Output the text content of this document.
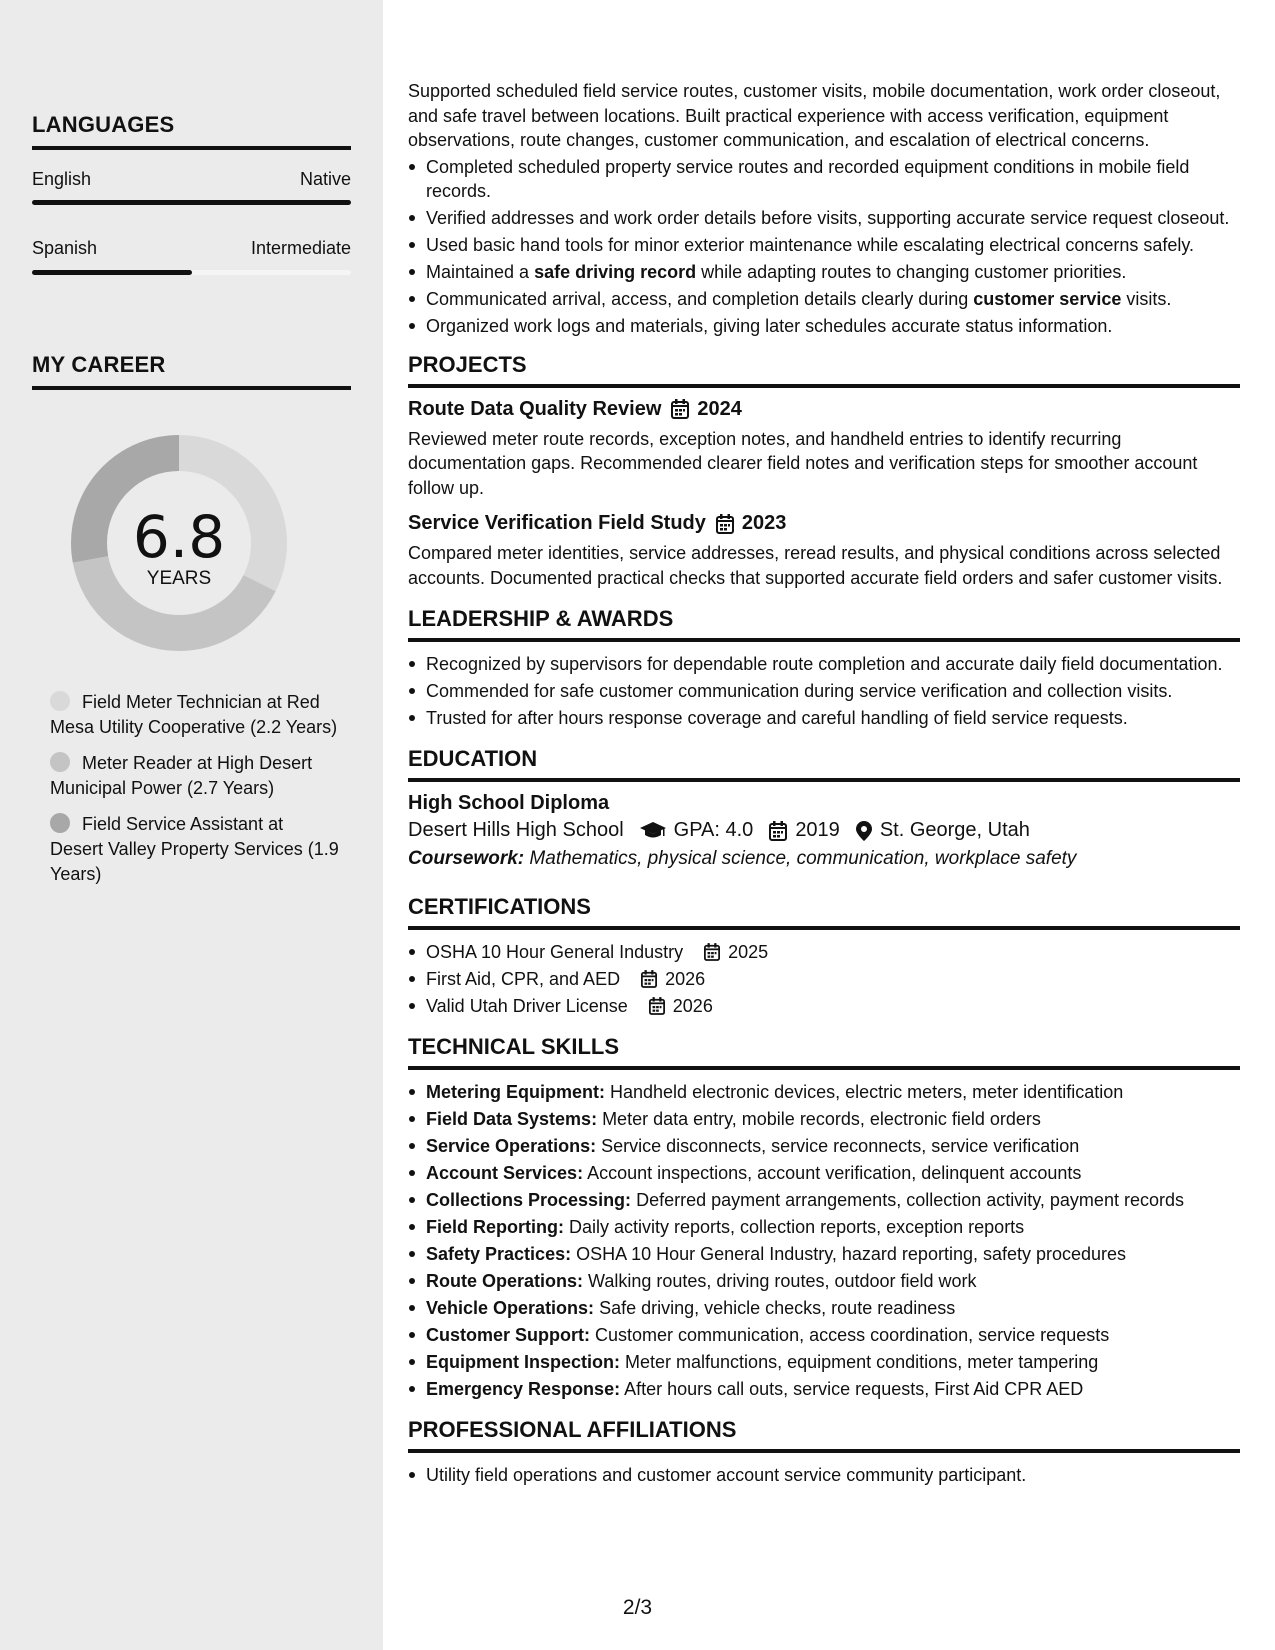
LANGUAGES
English	Native
Spanish	Intermediate
MY CAREER
6.8
YEARS
Field Meter Technician at Red Mesa Utility Cooperative (2.2 Years)
Meter Reader at High Desert Municipal Power (2.7 Years)
Field Service Assistant at Desert Valley Property Services (1.9 Years)

Supported scheduled field service routes, customer visits, mobile documentation, work order closeout, and safe travel between locations. Built practical experience with access verification, equipment observations, route changes, customer communication, and escalation of electrical concerns.

Completed scheduled property service routes and recorded equipment conditions in mobile field records.
Verified addresses and work order details before visits, supporting accurate service request closeout.
Used basic hand tools for minor exterior maintenance while escalating electrical concerns safely.
Maintained a safe driving record while adapting routes to changing customer priorities.
Communicated arrival, access, and completion details clearly during customer service visits.
Organized work logs and materials, giving later schedules accurate status information.
PROJECTS
Route Data Quality Review 2024

Reviewed meter route records, exception notes, and handheld entries to identify recurring documentation gaps. Recommended clearer field notes and verification steps for smoother account follow up.

Service Verification Field Study 2023

Compared meter identities, service addresses, reread results, and physical conditions across selected accounts. Documented practical checks that supported accurate field orders and safer customer visits.

LEADERSHIP & AWARDS
Recognized by supervisors for dependable route completion and accurate daily field documentation.
Commended for safe customer communication during service verification and collection visits.
Trusted for after hours response coverage and careful handling of field service requests.
EDUCATION
High School Diploma
Desert Hills High School	GPA: 4.0 2019 St. George, Utah
Coursework: Mathematics, physical science, communication, workplace safety
CERTIFICATIONS
OSHA 10 Hour General Industry
	2025
First Aid, CPR, and AED
	2026
Valid Utah Driver License
	2026
TECHNICAL SKILLS
Metering Equipment: Handheld electronic devices, electric meters, meter identification
Field Data Systems: Meter data entry, mobile records, electronic field orders
Service Operations: Service disconnects, service reconnects, service verification
Account Services: Account inspections, account verification, delinquent accounts
Collections Processing: Deferred payment arrangements, collection activity, payment records
Field Reporting: Daily activity reports, collection reports, exception reports
Safety Practices: OSHA 10 Hour General Industry, hazard reporting, safety procedures
Route Operations: Walking routes, driving routes, outdoor field work
Vehicle Operations: Safe driving, vehicle checks, route readiness
Customer Support: Customer communication, access coordination, service requests
Equipment Inspection: Meter malfunctions, equipment conditions, meter tampering
Emergency Response: After hours call outs, service requests, First Aid CPR AED
PROFESSIONAL AFFILIATIONS
Utility field operations and customer account service community participant.
2/3
